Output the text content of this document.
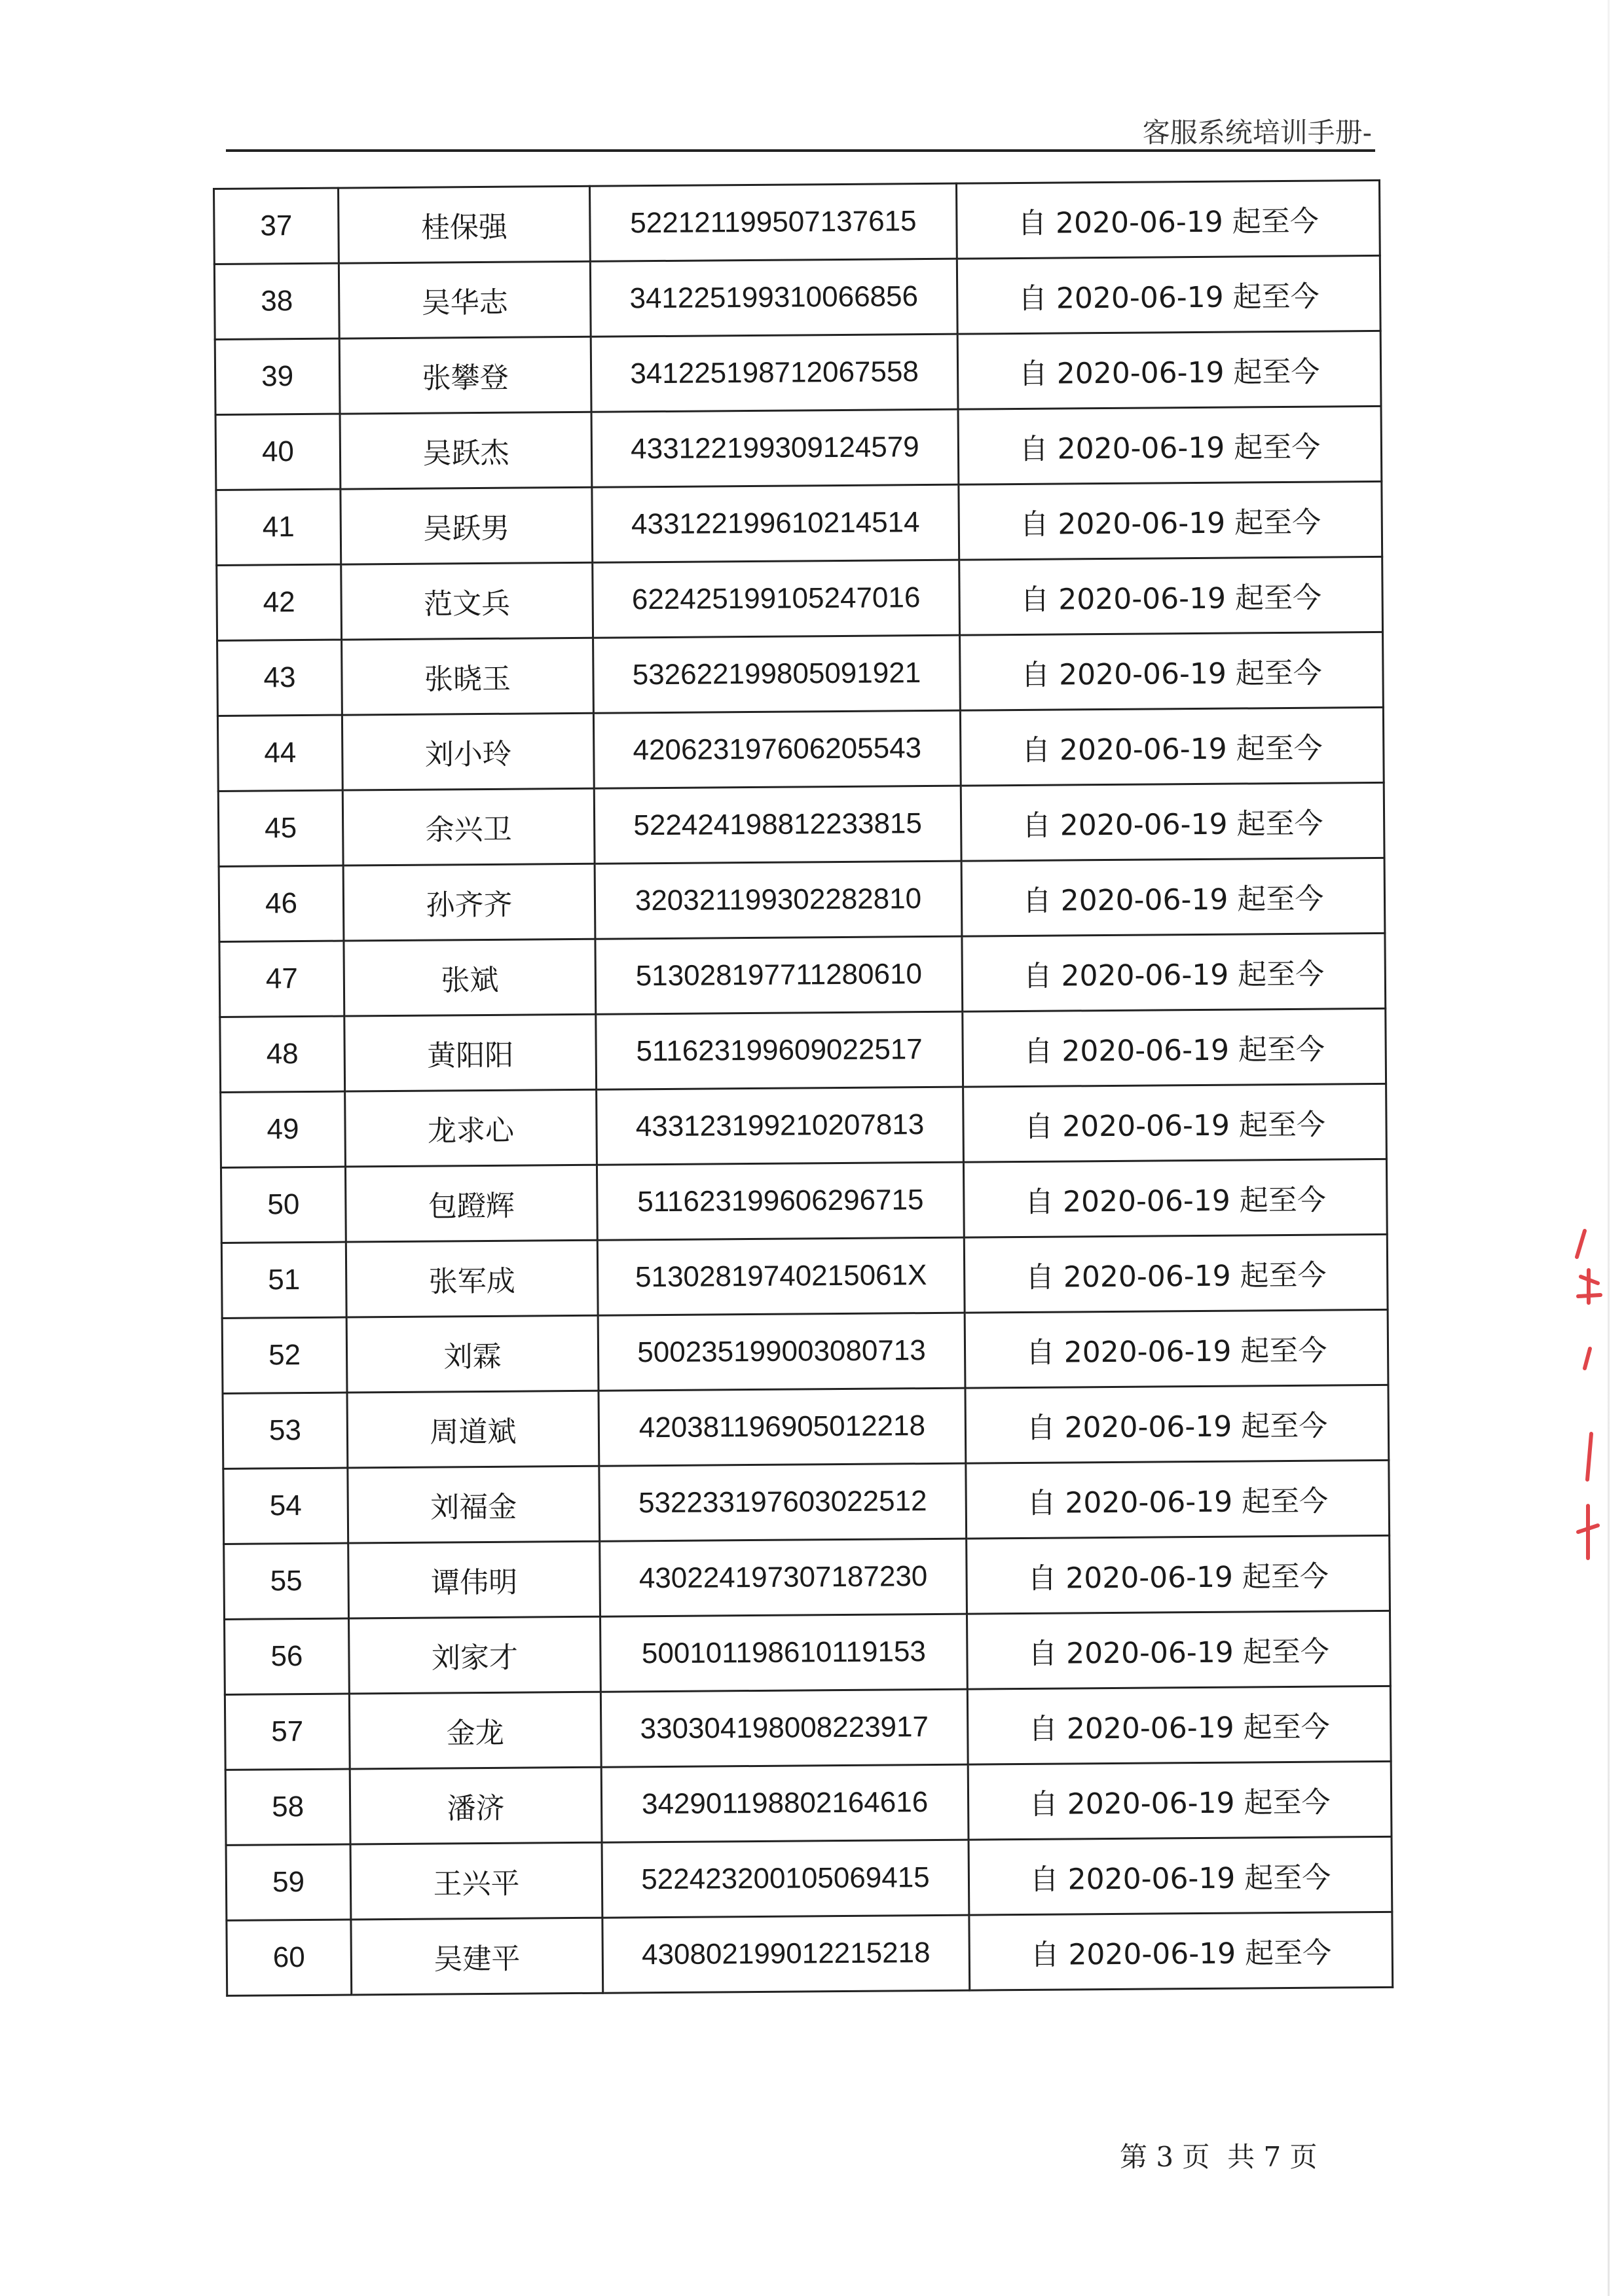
客服系统培训手册-
37	桂保强	522121199507137615	自 2020-06-19 起至今
38	吴华志	341225199310066856	自 2020-06-19 起至今
39	张攀登	341225198712067558	自 2020-06-19 起至今
40	吴跃杰	433122199309124579	自 2020-06-19 起至今
41	吴跃男	433122199610214514	自 2020-06-19 起至今
42	范文兵	622425199105247016	自 2020-06-19 起至今
43	张晓玉	532622199805091921	自 2020-06-19 起至今
44	刘小玲	420623197606205543	自 2020-06-19 起至今
45	余兴卫	522424198812233815	自 2020-06-19 起至今
46	孙齐齐	320321199302282810	自 2020-06-19 起至今
47	张斌	513028197711280610	自 2020-06-19 起至今
48	黄阳阳	511623199609022517	自 2020-06-19 起至今
49	龙求心	433123199210207813	自 2020-06-19 起至今
50	包蹬辉	511623199606296715	自 2020-06-19 起至今
51	张军成	51302819740215061X	自 2020-06-19 起至今
52	刘霖	500235199003080713	自 2020-06-19 起至今
53	周道斌	420381196905012218	自 2020-06-19 起至今
54	刘福金	532233197603022512	自 2020-06-19 起至今
55	谭伟明	430224197307187230	自 2020-06-19 起至今
56	刘家才	500101198610119153	自 2020-06-19 起至今
57	金龙	330304198008223917	自 2020-06-19 起至今
58	潘济	342901198802164616	自 2020-06-19 起至今
59	王兴平	522423200105069415	自 2020-06-19 起至今
60	吴建平	430802199012215218	自 2020-06-19 起至今
第 3 页  共 7 页
